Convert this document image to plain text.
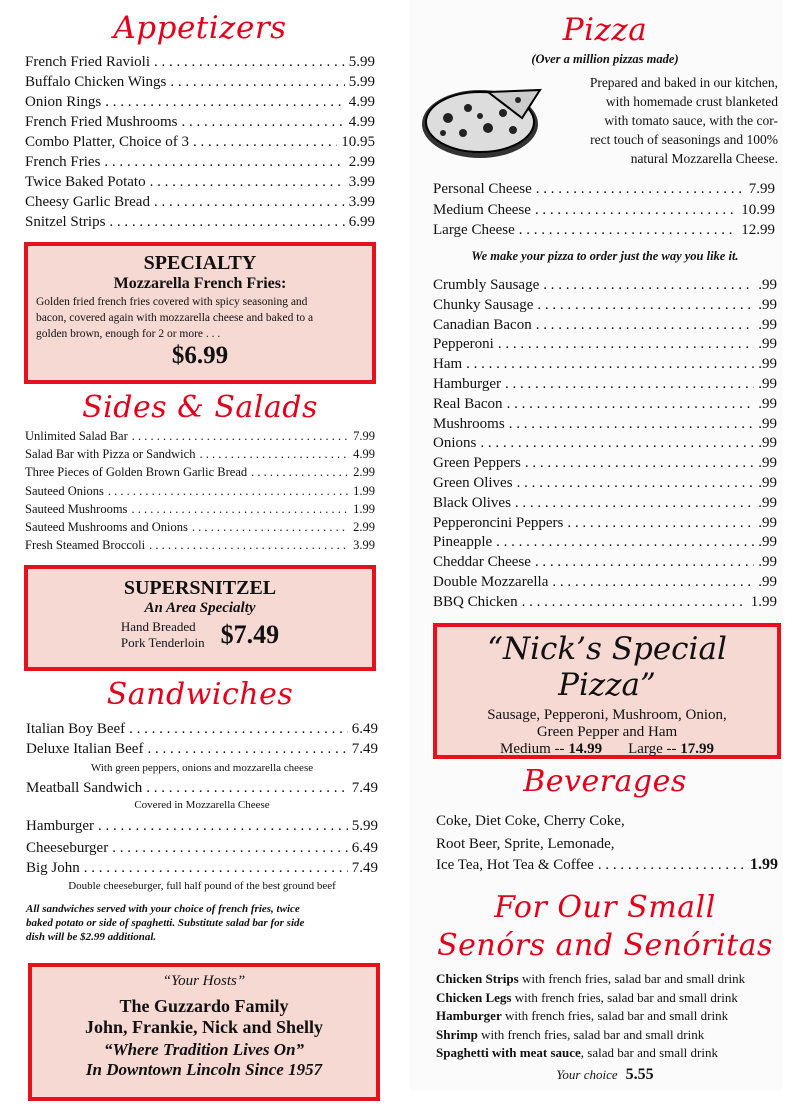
Appetizers
French Fried Ravioli . . .	5.99
Buffalo Chicken Wings . . .	5.99
Onion Rings . . .	4.99
French Fried Mushrooms . . .	4.99
Combo Platter, Choice of 3 . . .	10.95
French Fries . . .	2.99
Twice Baked Potato . . .	3.99
Cheesy Garlic Bread . . .	3.99
Snitzel Strips . . .	6.99
SPECIALTY
Mozzarella French Fries:
Golden fried french fries covered with spicy seasoning and
bacon, covered again with mozzarella cheese and baked to a
golden brown, enough for 2 or more . . .
$6.99
Sides & Salads
Unlimited Salad Bar . . .	7.99
Salad Bar with Pizza or Sandwich . . .	4.99
Three Pieces of Golden Brown Garlic Bread . . .	2.99
Sauteed Onions . . .	1.99
Sauteed Mushrooms . . .	1.99
Sauteed Mushrooms and Onions . . .	2.99
Fresh Steamed Broccoli . . .	3.99
SUPERSNITZEL
An Area Specialty
Hand Breaded
Pork Tenderloin $7.49
Sandwiches
Italian Boy Beef . . .	6.49
Deluxe Italian Beef . . .	7.49
With green peppers, onions and mozzarella cheese
Meatball Sandwich . . .	7.49
Covered in Mozzarella Cheese
Hamburger . . .	5.99
Cheeseburger . . .	6.49
Big John . . .	7.49
Double cheeseburger, full half pound of the best ground beef
All sandwiches served with your choice of french fries, twice
baked potato or side of spaghetti. Substitute salad bar for side
dish will be $2.99 additional.
“Your Hosts”
The Guzzardo Family
John, Frankie, Nick and Shelly
“Where Tradition Lives On”
In Downtown Lincoln Since 1957
Pizza
(Over a million pizzas made)
Prepared and baked in our kitchen,
with homemade crust blanketed
with tomato sauce, with the cor-
rect touch of seasonings and 100%
natural Mozzarella Cheese.
Personal Cheese . . .	7.99
Medium Cheese . . .	10.99
Large Cheese . . .	12.99
We make your pizza to order just the way you like it.
Crumbly Sausage . . .	.99
Chunky Sausage . . .	.99
Canadian Bacon . . .	.99
Pepperoni . . .	.99
Ham . . .	.99
Hamburger . . .	.99
Real Bacon . . .	.99
Mushrooms . . .	.99
Onions . . .	.99
Green Peppers . . .	.99
Green Olives . . .	.99
Black Olives . . .	.99
Pepperoncini Peppers . . .	.99
Pineapple . . .	.99
Cheddar Cheese . . .	.99
Double Mozzarella . . .	.99
BBQ Chicken . . .	1.99
“Nick’s Special Pizza”
Sausage, Pepperoni, Mushroom, Onion,
Green Pepper and Ham
Medium -- 14.99 Large -- 17.99
Beverages
Coke, Diet Coke, Cherry Coke,
Root Beer, Sprite, Lemonade,
Ice Tea, Hot Tea & Coffee . . .	1.99
For Our Small
Senórs and Senóritas
Chicken Strips with french fries, salad bar and small drink
Chicken Legs with french fries, salad bar and small drink
Hamburger with french fries, salad bar and small drink
Shrimp with french fries, salad bar and small drink
Spaghetti with meat sauce, salad bar and small drink
Your choice 5.55
